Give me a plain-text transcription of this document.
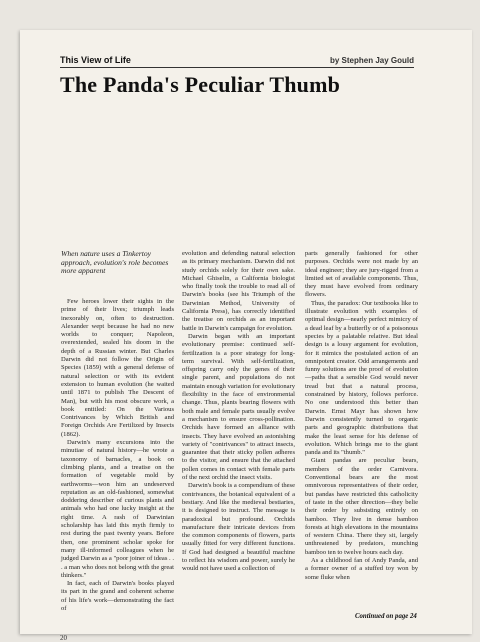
This View of Life	by Stephen Jay Gould
The Panda's Peculiar Thumb

When nature uses a Tinkertoy approach, evolution's role becomes more apparent

Few heroes lower their sights in the prime of their lives; triumph leads inexorably on, often to destruction. Alexander wept because he had no new worlds to conquer; Napoleon, overextended, sealed his doom in the depth of a Russian winter. But Charles Darwin did not follow the Origin of Species (1859) with a general defense of natural selection or with its evident extension to human evolution (he waited until 1871 to publish The Descent of Man), but with his most obscure work, a book entitled: On the Various Contrivances by Which British and Foreign Orchids Are Fertilized by Insects (1862).

Darwin's many excursions into the minutiae of natural history—he wrote a taxonomy of barnacles, a book on climbing plants, and a treatise on the formation of vegetable mold by earthworms—won him an undeserved reputation as an old-fashioned, somewhat doddering describer of curious plants and animals who had one lucky insight at the right time. A rash of Darwinian scholarship has laid this myth firmly to rest during the past twenty years. Before then, one prominent scholar spoke for many ill-informed colleagues when he judged Darwin as a "poor joiner of ideas . . . a man who does not belong with the great thinkers."

In fact, each of Darwin's books played its part in the grand and coherent scheme of his life's work—demonstrating the fact of

evolution and defending natural selection as its primary mechanism. Darwin did not study orchids solely for their own sake. Michael Ghiselin, a California biologist who finally took the trouble to read all of Darwin's books (see his Triumph of the Darwinian Method, University of California Press), has correctly identified the treatise on orchids as an important battle in Darwin's campaign for evolution.

Darwin began with an important evolutionary premise: continued self-fertilization is a poor strategy for long-term survival. With self-fertilization, offspring carry only the genes of their single parent, and populations do not maintain enough variation for evolutionary flexibility in the face of environmental change. Thus, plants bearing flowers with both male and female parts usually evolve a mechanism to ensure cross-pollination. Orchids have formed an alliance with insects. They have evolved an astonishing variety of "contrivances" to attract insects, guarantee that their sticky pollen adheres to the visitor, and ensure that the attached pollen comes in contact with female parts of the next orchid the insect visits.

Darwin's book is a compendium of these contrivances, the botanical equivalent of a bestiary. And like the medieval bestiaries, it is designed to instruct. The message is paradoxical but profound. Orchids manufacture their intricate devices from the common components of flowers, parts usually fitted for very different functions. If God had designed a beautiful machine to reflect his wisdom and power, surely he would not have used a collection of

parts generally fashioned for other purposes. Orchids were not made by an ideal engineer; they are jury-rigged from a limited set of available components. Thus, they must have evolved from ordinary flowers.

Thus, the paradox: Our textbooks like to illustrate evolution with examples of optimal design—nearly perfect mimicry of a dead leaf by a butterfly or of a poisonous species by a palatable relative. But ideal design is a lousy argument for evolution, for it mimics the postulated action of an omnipotent creator. Odd arrangements and funny solutions are the proof of evolution—paths that a sensible God would never tread but that a natural process, constrained by history, follows perforce. No one understood this better than Darwin. Ernst Mayr has shown how Darwin consistently turned to organic parts and geographic distributions that make the least sense for his defense of evolution. Which brings me to the giant panda and its "thumb."

Giant pandas are peculiar bears, members of the order Carnivora. Conventional bears are the most omnivorous representatives of their order, but pandas have restricted this catholicity of taste in the other direction—they belie their order by subsisting entirely on bamboo. They live in dense bamboo forests at high elevations in the mountains of western China. There they sit, largely unthreatened by predators, munching bamboo ten to twelve hours each day.

As a childhood fan of Andy Panda, and a former owner of a stuffed toy won by some fluke when

Continued on page 24
20
